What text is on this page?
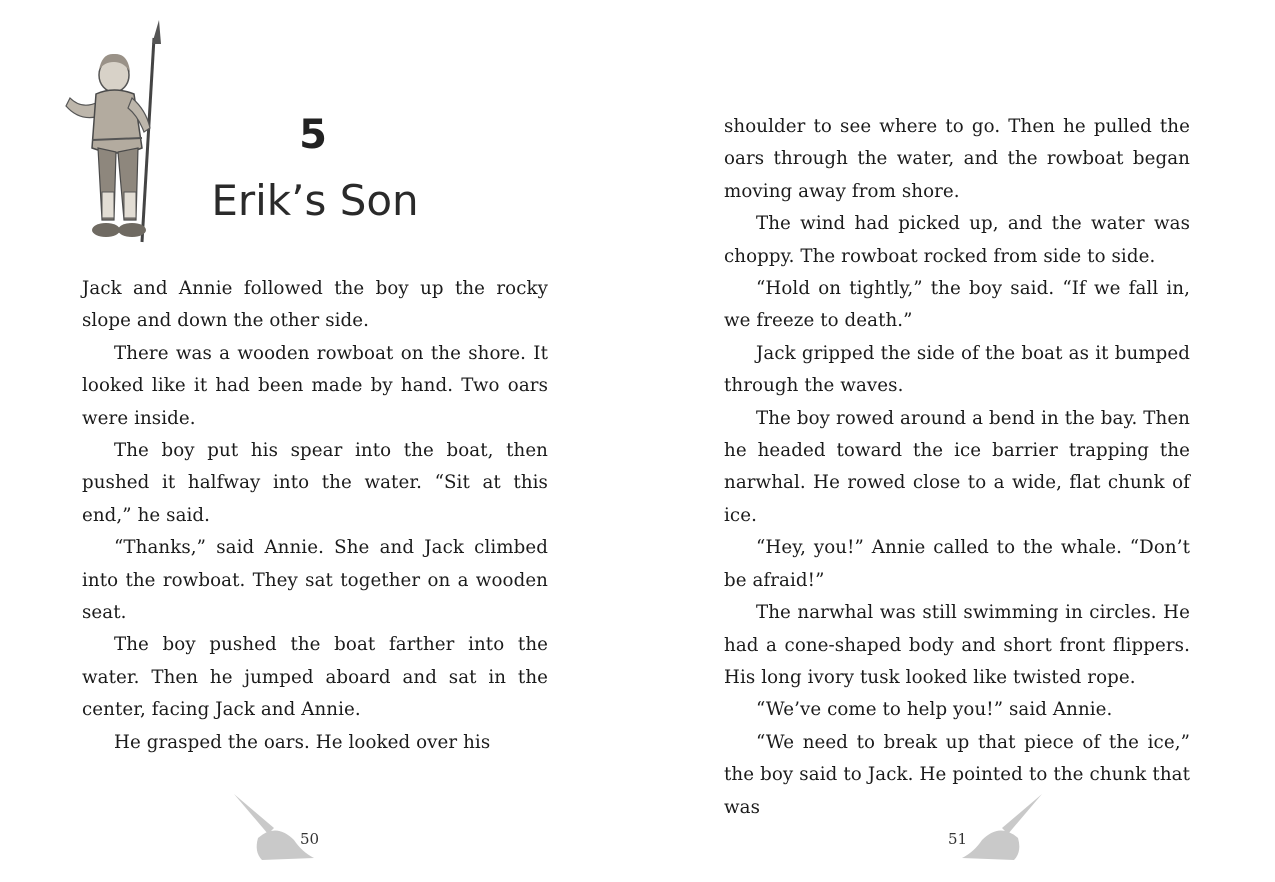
5
Erik’s Son

Jack and Annie followed the boy up the rocky slope and down the other side.

There was a wooden rowboat on the shore. It looked like it had been made by hand. Two oars were inside.

The boy put his spear into the boat, then pushed it halfway into the water. “Sit at this end,” he said.

“Thanks,” said Annie. She and Jack climbed into the rowboat. They sat together on a wooden seat.

The boy pushed the boat farther into the water. Then he jumped aboard and sat in the center, facing Jack and Annie.

He grasped the oars. He looked over his

50

shoulder to see where to go. Then he pulled the oars through the water, and the rowboat began moving away from shore.

The wind had picked up, and the water was choppy. The rowboat rocked from side to side.

“Hold on tightly,” the boy said. “If we fall in, we freeze to death.”

Jack gripped the side of the boat as it bumped through the waves.

The boy rowed around a bend in the bay. Then he headed toward the ice barrier trapping the narwhal. He rowed close to a wide, flat chunk of ice.

“Hey, you!” Annie called to the whale. “Don’t be afraid!”

The narwhal was still swimming in circles. He had a cone-shaped body and short front flippers. His long ivory tusk looked like twisted rope.

“We’ve come to help you!” said Annie.

“We need to break up that piece of the ice,” the boy said to Jack. He pointed to the chunk that was

51
